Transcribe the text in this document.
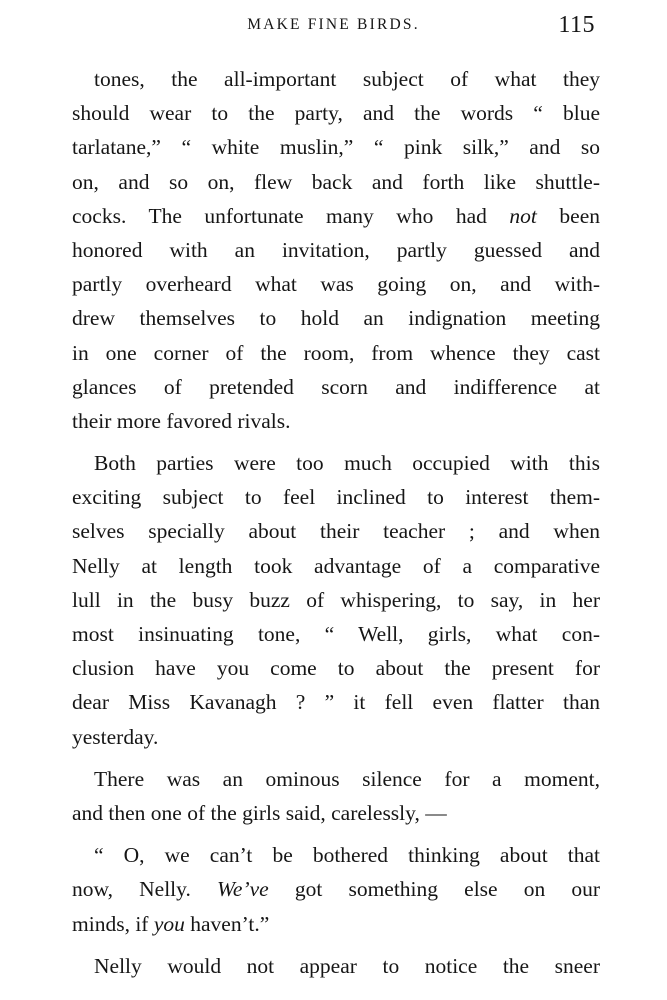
MAKE FINE BIRDS.	115
tones, the all-important subject of what they
should wear to the party, and the words “ blue
tarlatane,” “ white muslin,” “ pink silk,” and so
on, and so on, flew back and forth like shuttle-
cocks. The unfortunate many who had not been
honored with an invitation, partly guessed and
partly overheard what was going on, and with-
drew themselves to hold an indignation meeting
in one corner of the room, from whence they cast
glances of pretended scorn and indifference at
their more favored rivals.
Both parties were too much occupied with this
exciting subject to feel inclined to interest them-
selves specially about their teacher ; and when
Nelly at length took advantage of a comparative
lull in the busy buzz of whispering, to say, in her
most insinuating tone, “ Well, girls, what con-
clusion have you come to about the present for
dear Miss Kavanagh ? ” it fell even flatter than
yesterday.
There was an ominous silence for a moment,
and then one of the girls said, carelessly, —
“ O, we can’t be bothered thinking about that
now, Nelly. We’ve got something else on our
minds, if you haven’t.”
Nelly would not appear to notice the sneer
